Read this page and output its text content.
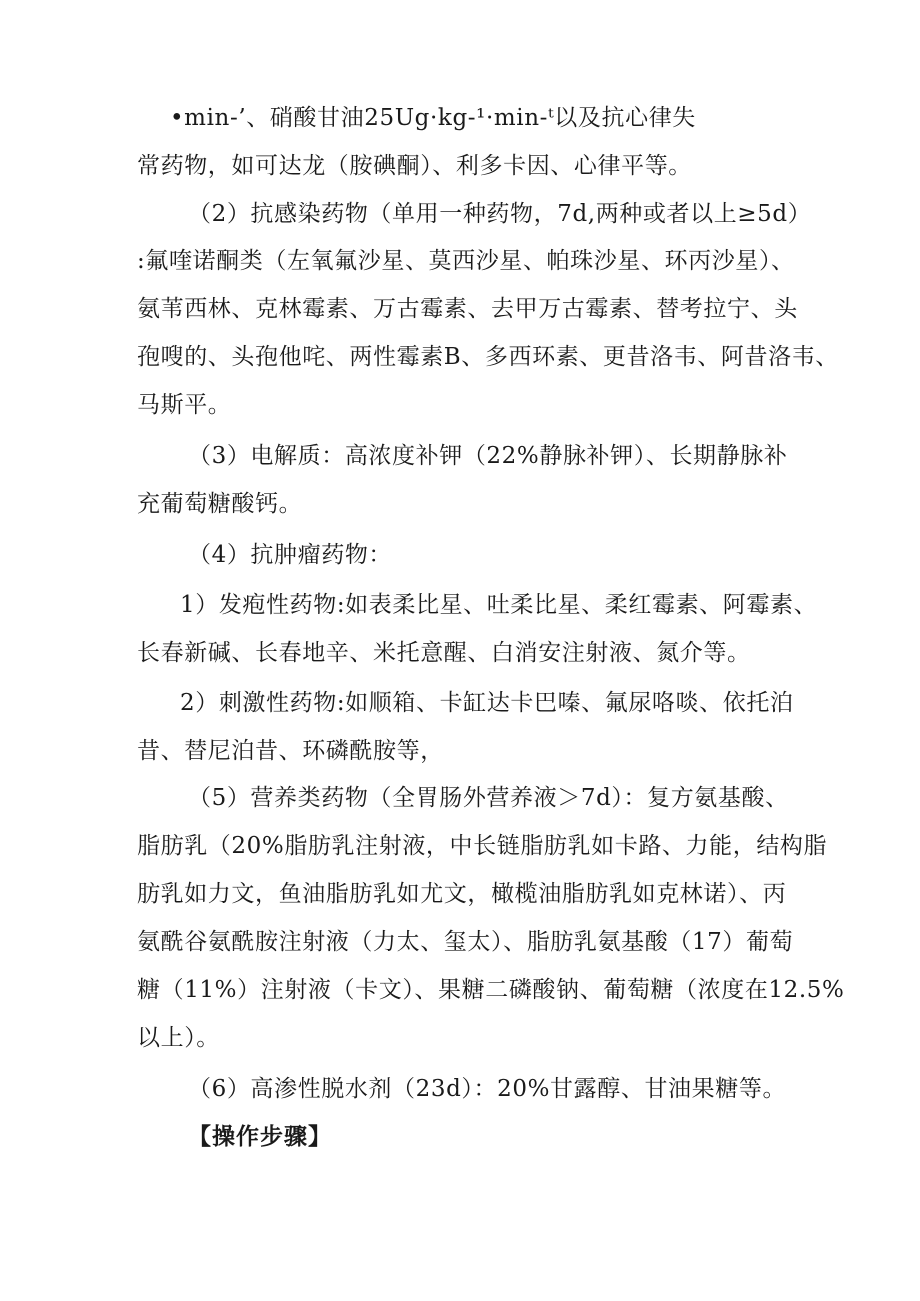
•min-’、硝酸甘油25Ug·kg-¹·min-ᵗ以及抗心律失

常药物，如可达龙（胺碘酮）、利多卡因、心律平等。

（2）抗感染药物（单用一种药物，7d,两种或者以上≥5d）

:氟喹诺酮类（左氧氟沙星、莫西沙星、帕珠沙星、环丙沙星）、

氨苇西林、克林霉素、万古霉素、去甲万古霉素、替考拉宁、头

孢嗖的、头孢他咤、两性霉素B、多西环素、更昔洛韦、阿昔洛韦、

马斯平。

（3）电解质：高浓度补钾（22%静脉补钾）、长期静脉补

充葡萄糖酸钙。

（4）抗肿瘤药物：

1）发疱性药物:如表柔比星、吐柔比星、柔红霉素、阿霉素、

长春新碱、长春地辛、米托意醒、白消安注射液、氮介等。

2）刺激性药物:如顺箱、卡缸达卡巴嗪、氟尿咯啖、依托泊

昔、替尼泊昔、环磷酰胺等，

（5）营养类药物（全胃肠外营养液＞7d）：复方氨基酸、

脂肪乳（20%脂肪乳注射液，中长链脂肪乳如卡路、力能，结构脂

肪乳如力文，鱼油脂肪乳如尤文，橄榄油脂肪乳如克林诺）、丙

氨酰谷氨酰胺注射液（力太、玺太）、脂肪乳氨基酸（17）葡萄

糖（11%）注射液（卡文）、果糖二磷酸钠、葡萄糖（浓度在12.5%

以上）。

（6）高渗性脱水剂（23d）：20%甘露醇、甘油果糖等。

【操作步骤】
